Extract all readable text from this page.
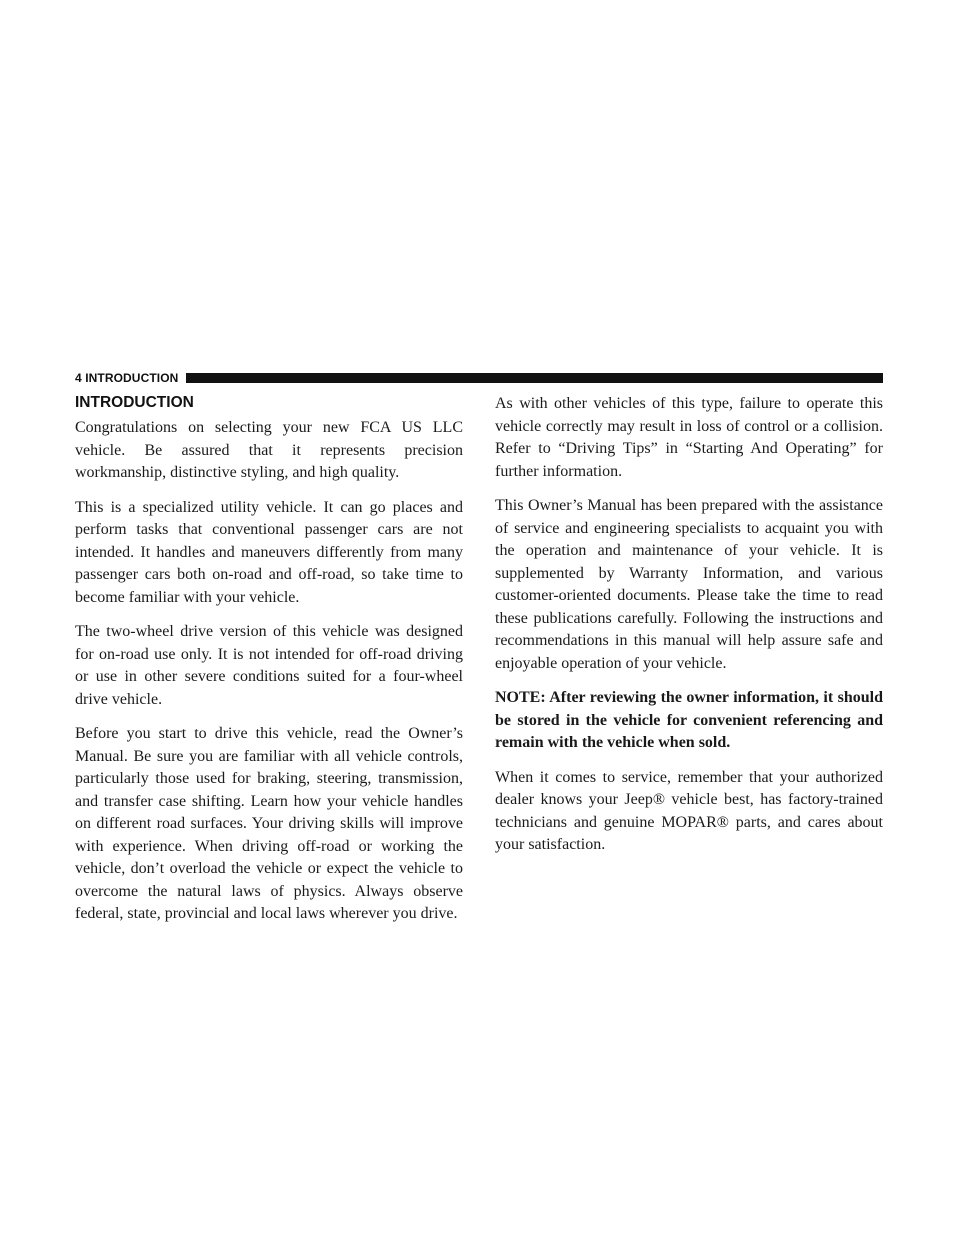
4 INTRODUCTION
INTRODUCTION

Congratulations on selecting your new FCA US LLC vehicle. Be assured that it represents precision workmanship, distinctive styling, and high quality.

This is a specialized utility vehicle. It can go places and perform tasks that conventional passenger cars are not intended. It handles and maneuvers differently from many passenger cars both on-road and off-road, so take time to become familiar with your vehicle.

The two-wheel drive version of this vehicle was designed for on-road use only. It is not intended for off-road driving or use in other severe conditions suited for a four-wheel drive vehicle.

Before you start to drive this vehicle, read the Owner’s Manual. Be sure you are familiar with all vehicle controls, particularly those used for braking, steering, transmission, and transfer case shifting. Learn how your vehicle handles on different road surfaces. Your driving skills will improve with experience. When driving off-road or working the vehicle, don’t overload the vehicle or expect the vehicle to overcome the natural laws of physics. Always observe federal, state, provincial and local laws wherever you drive.

As with other vehicles of this type, failure to operate this vehicle correctly may result in loss of control or a collision. Refer to “Driving Tips” in “Starting And Operating” for further information.

This Owner’s Manual has been prepared with the assistance of service and engineering specialists to acquaint you with the operation and maintenance of your vehicle. It is supplemented by Warranty Information, and various customer-oriented documents. Please take the time to read these publications carefully. Following the instructions and recommendations in this manual will help assure safe and enjoyable operation of your vehicle.

NOTE: After reviewing the owner information, it should be stored in the vehicle for convenient referencing and remain with the vehicle when sold.

When it comes to service, remember that your authorized dealer knows your Jeep® vehicle best, has factory-trained technicians and genuine MOPAR® parts, and cares about your satisfaction.
